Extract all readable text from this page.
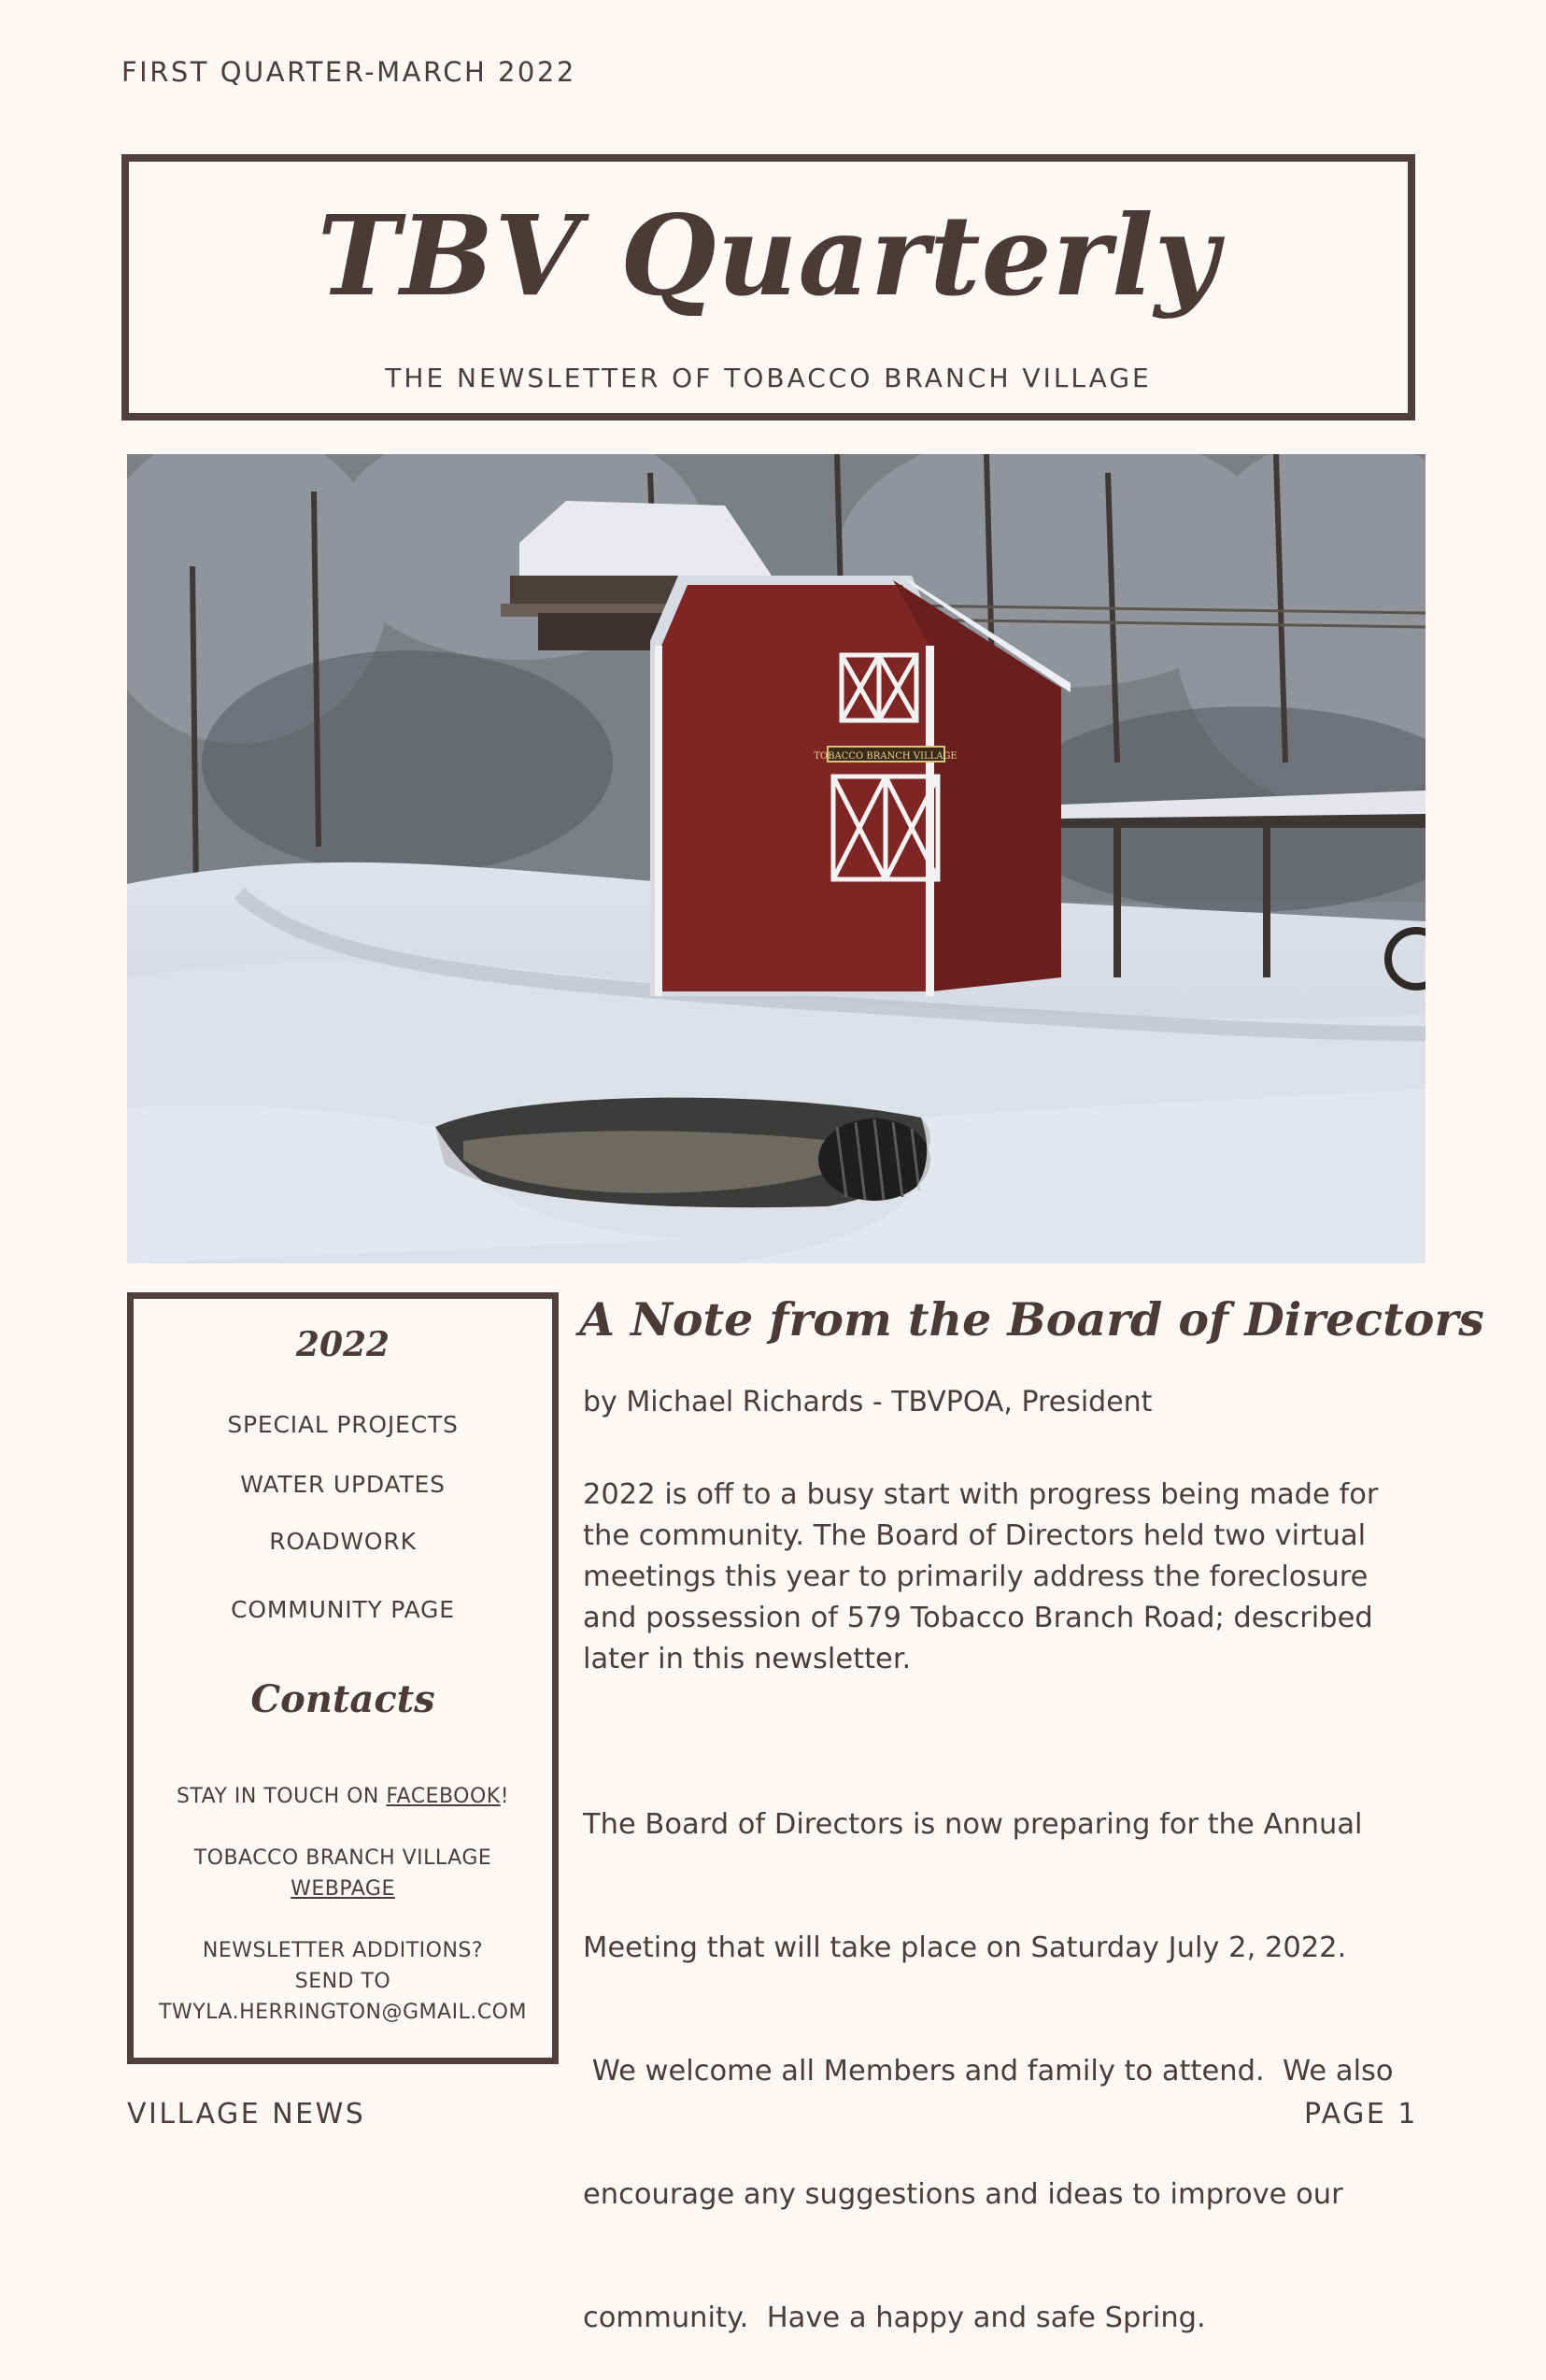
FIRST QUARTER-MARCH 2022
TBV Quarterly
THE NEWSLETTER OF TOBACCO BRANCH VILLAGE
TOBACCO BRANCH VILLAGE
2022
SPECIAL PROJECTS
WATER UPDATES
ROADWORK
COMMUNITY PAGE
Contacts
STAY IN TOUCH ON FACEBOOK!
TOBACCO BRANCH VILLAGE
WEBPAGE
NEWSLETTER ADDITIONS?
SEND TO
TWYLA.HERRINGTON@GMAIL.COM
A Note from the Board of Directors
by Michael Richards - TBVPOA, President
2022 is off to a busy start with progress being made for
the community. The Board of Directors held two virtual
meetings this year to primarily address the foreclosure
and possession of 579 Tobacco Branch Road; described
later in this newsletter.

The Board of Directors is now preparing for the Annual

Meeting that will take place on Saturday July 2, 2022.

We welcome all Members and family to attend.  We also

encourage any suggestions and ideas to improve our

community.  Have a happy and safe Spring.

VILLAGE NEWS	PAGE 1
